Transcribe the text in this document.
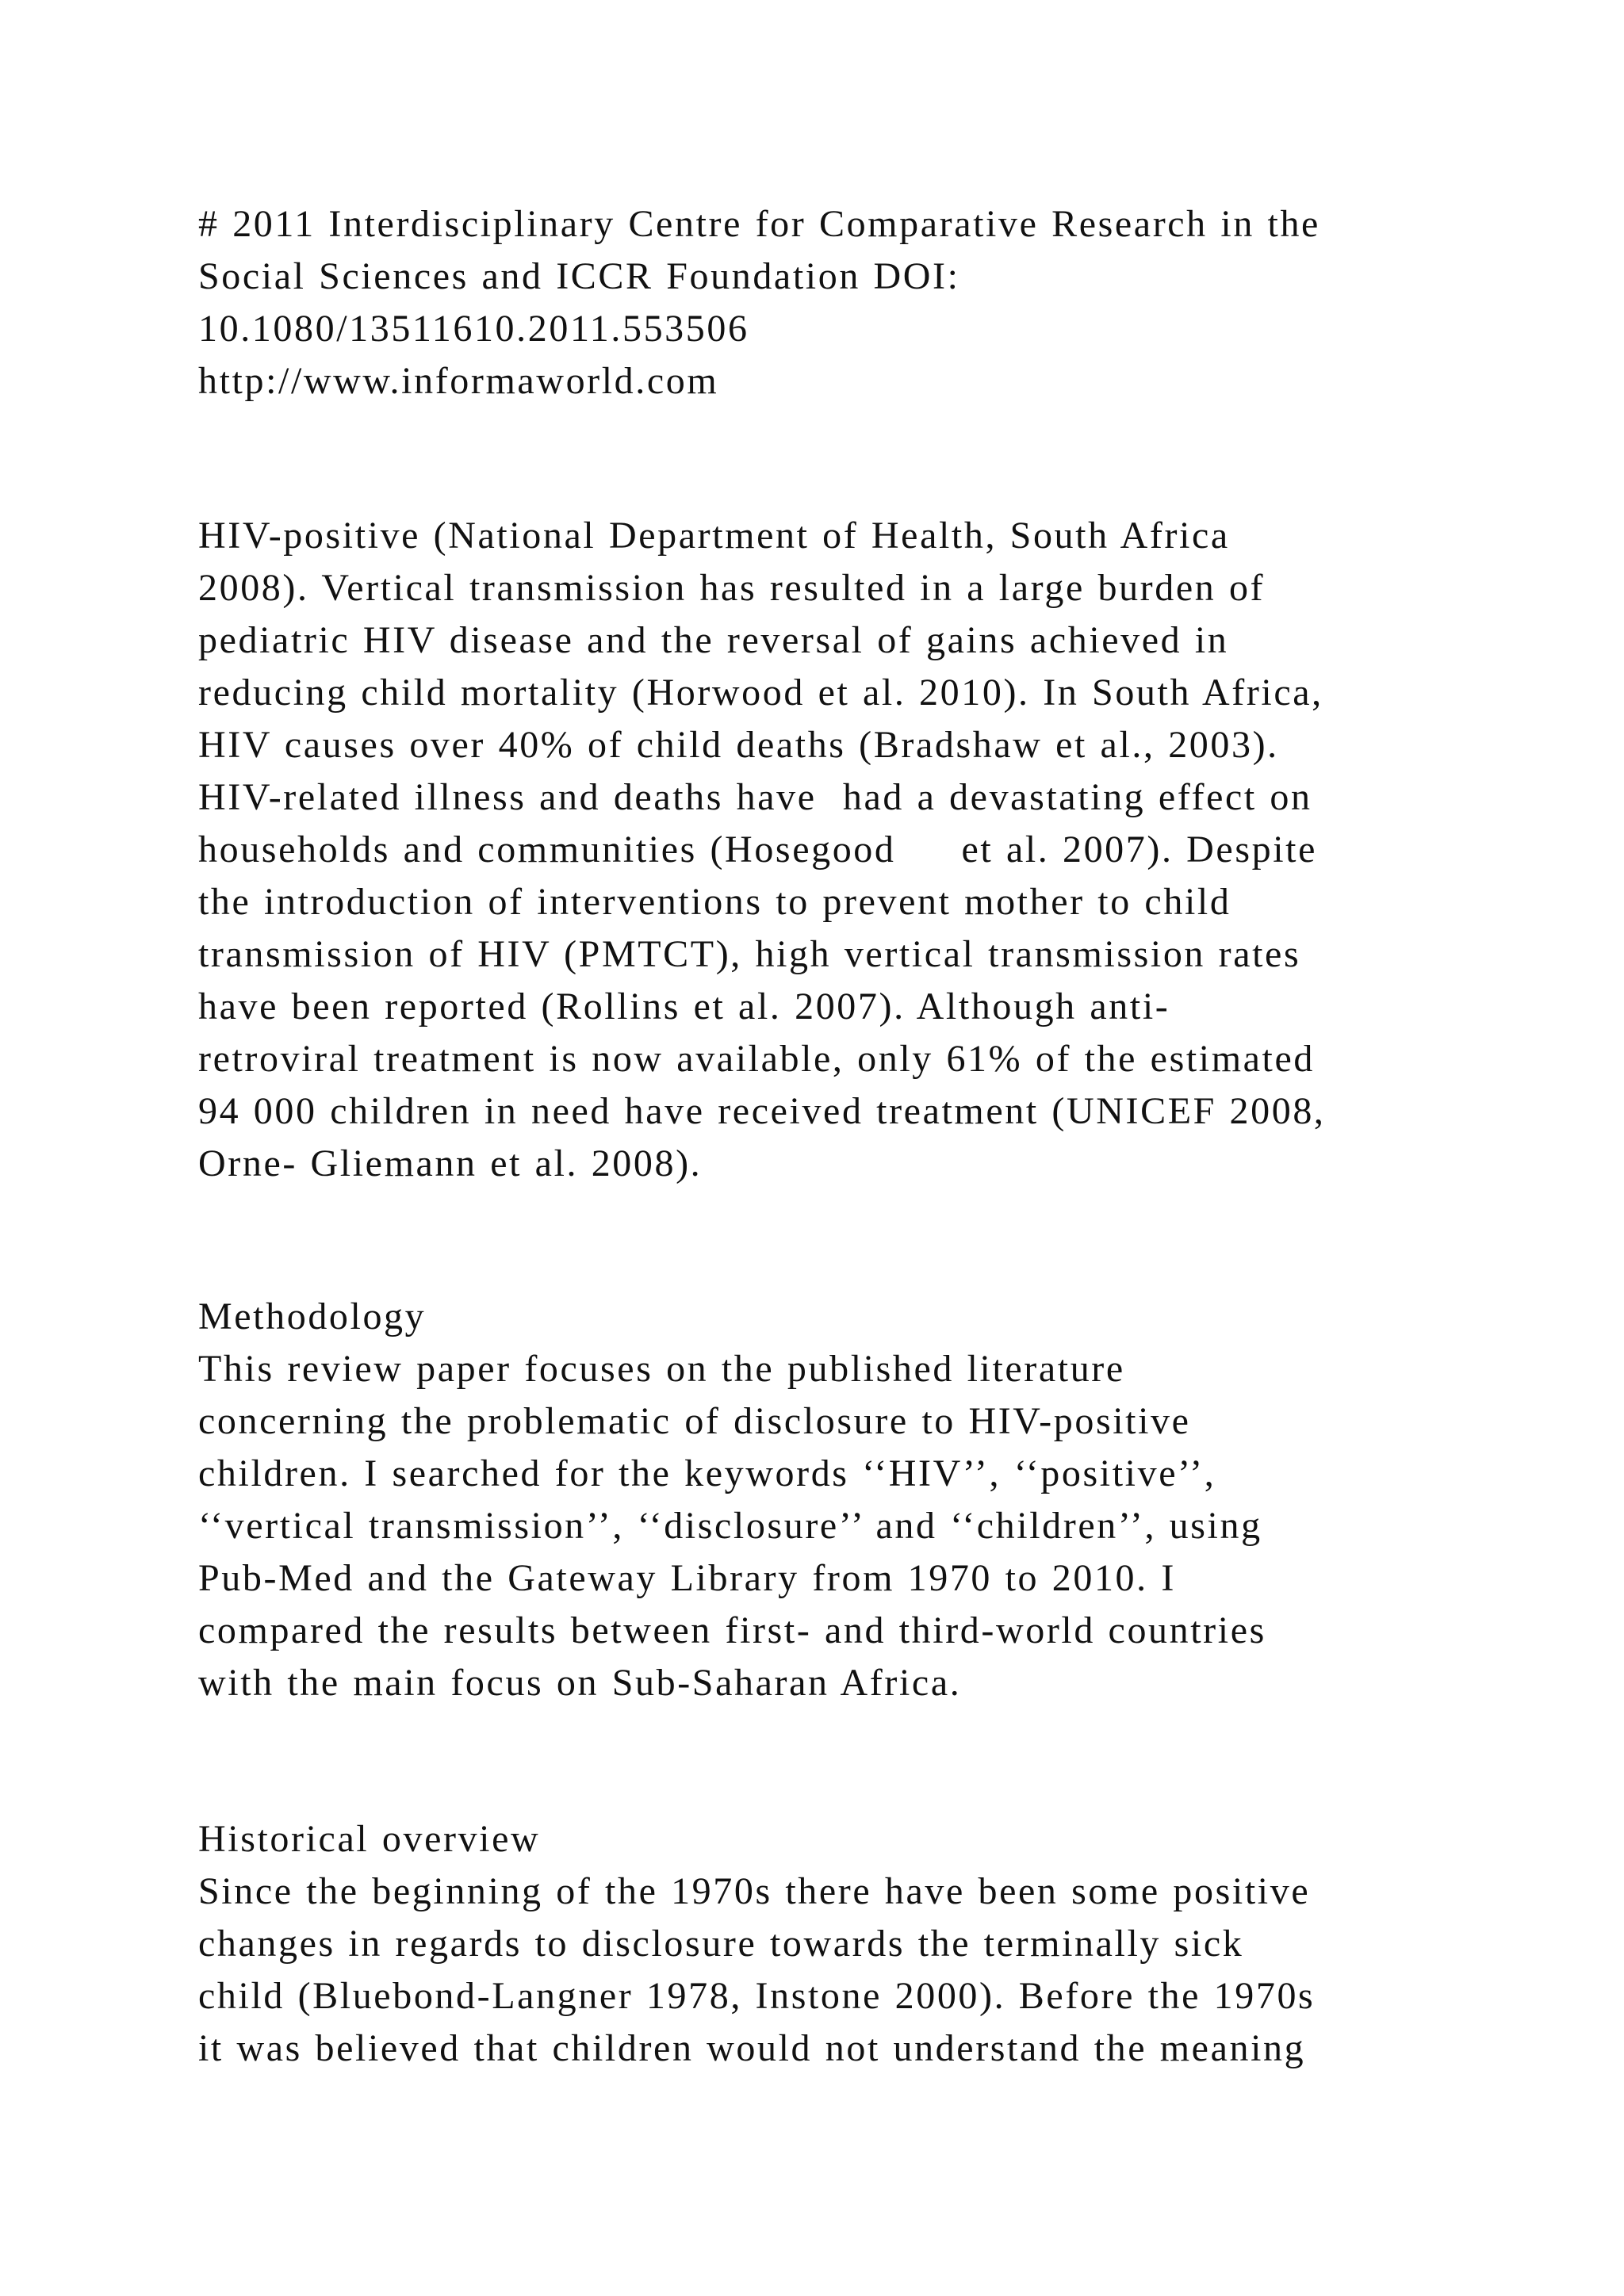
# 2011 Interdisciplinary Centre for Comparative Research in the
Social Sciences and ICCR Foundation DOI:
10.1080/13511610.2011.553506
http://www.informaworld.com
HIV-positive (National Department of Health, South Africa
2008). Vertical transmission has resulted in a large burden of
pediatric HIV disease and the reversal of gains achieved in
reducing child mortality (Horwood et al. 2010). In South Africa,
HIV causes over 40% of child deaths (Bradshaw et al., 2003).
HIV-related illness and deaths have  had a devastating effect on
households and communities (Hosegood     et al. 2007). Despite
the introduction of interventions to prevent mother to child
transmission of HIV (PMTCT), high vertical transmission rates
have been reported (Rollins et al. 2007). Although anti-
retroviral treatment is now available, only 61% of the estimated
94 000 children in need have received treatment (UNICEF 2008,
Orne- Gliemann et al. 2008).
Methodology
This review paper focuses on the published literature
concerning the problematic of disclosure to HIV-positive
children. I searched for the keywords ‘‘HIV’’, ‘‘positive’’,
‘‘vertical transmission’’, ‘‘disclosure’’ and ‘‘children’’, using
Pub-Med and the Gateway Library from 1970 to 2010. I
compared the results between first- and third-world countries
with the main focus on Sub-Saharan Africa.
Historical overview
Since the beginning of the 1970s there have been some positive
changes in regards to disclosure towards the terminally sick
child (Bluebond-Langner 1978, Instone 2000). Before the 1970s
it was believed that children would not understand the meaning
